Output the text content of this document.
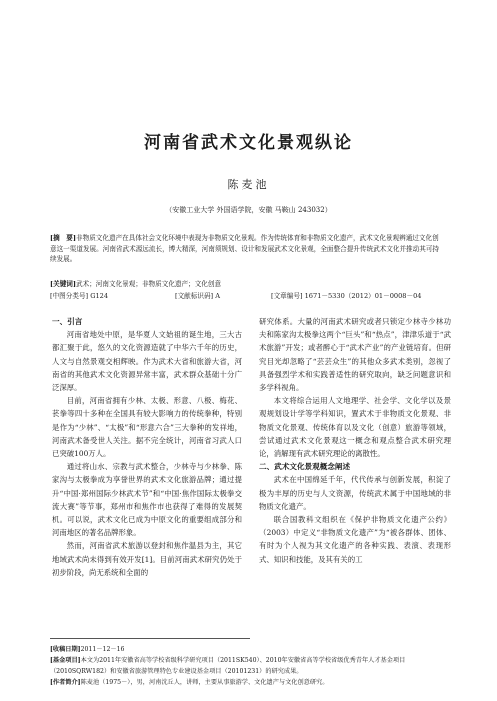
河南省武术文化景观纵论
陈麦池
（安徽工业大学 外国语学院，安徽 马鞍山 243032）

[摘　要]非物质文化遗产在具体社会文化环境中表现为非物质文化景观。作为传统体育和非物质文化遗产，武术文化景观辨通过文化创意这一渠道发展。河南省武术源远流长，博大精深，河南须规划、设计和发展武术文化景观，全面整合提升传统武术文化并推动其可持续发展。

[关键词]武术；河南文化景观；非物质文化遗产；文化创意
[中图分类号] G124	[文献标识码] A	[文章编号] 1671－5330（2012）01－0008－04
一、引言

河南省地处中原，是华夏人文始祖的诞生地，三大古都汇聚于此，悠久的文化资源造就了中华六千年的历史，人文与自然景观交相辉映。作为武术大省和旅游大省，河南省的其他武术文化资源异常丰富，武术群众基础十分广泛深厚。

目前，河南省拥有少林、太极、形意、八极、梅花、苌拳等四十多种在全国具有较大影响力的传统拳种，特别是作为“少林”、“太极”和“形意六合”三大拳种的发祥地，河南武术备受世人关注。据不完全统计，河南省习武人口已突破100万人。

通过将山水、宗教与武术整合，少林寺与少林拳、陈家沟与太极拳成为享誉世界的武术文化旅游品牌；通过提升“中国·郑州国际少林武术节”和“中国·焦作国际太极拳交流大赛”等节事，郑州市和焦作市也获得了难得的发展契机。可以说，武术文化已成为中原文化的重要组成部分和河南地区的著名品牌形象。

然而，河南省武术旅游以登封和焦作温县为主，其它地域武术尚未得到有效开发[1]。目前河南武术研究仍处于初步阶段，尚无系统和全面的

研究体系。大量的河南武术研究或者只锁定少林寺少林功夫和陈家沟太极拳这两个“巨头”和“热点”，津津乐道于“武术旅游”开发；或者醉心于“武术产业”的产业链培育。但研究目光却忽略了“芸芸众生”的其他众多武术类别，忽视了具备强烈学术和实践普适性的研究取向，缺乏问题意识和多学科视角。

本文将综合运用人文地理学、社会学、文化学以及景观规划设计学等学科知识，置武术于非物质文化景观、非物质文化景观、传统体育以及文化（创意）旅游等领域，尝试通过武术文化景观这一概念和观点整合武术研究理论，消解现有武术研究理论的离散性。

二、武术文化景观概念阐述

武术在中国绵延千年，代代传承与创新发展，积淀了极为丰厚的历史与人文资源，传统武术属于中国地域的非物质文化遗产。

联合国教科文组织在《保护非物质文化遗产公约》（2003）中定义“非物质文化遗产”为“被各群体、团体、有时为个人视为其文化遗产的各种实践、表演、表现形式、知识和技能，及其有关的工

[收稿日期]2011－12－16

[基金项目]本文为2011年安徽省高等学校省级科学研究项目（2011SK540）、2010年安徽省高等学校省级优秀青年人才基金项目（2010SQRW182）和安徽省旅游管理特色专业建设基金项目（20101231）的研究成果。

[作者简介]陈麦池（1975－），男，河南沈丘人，讲师，主要从事旅游学、文化遗产与文化创意研究。
